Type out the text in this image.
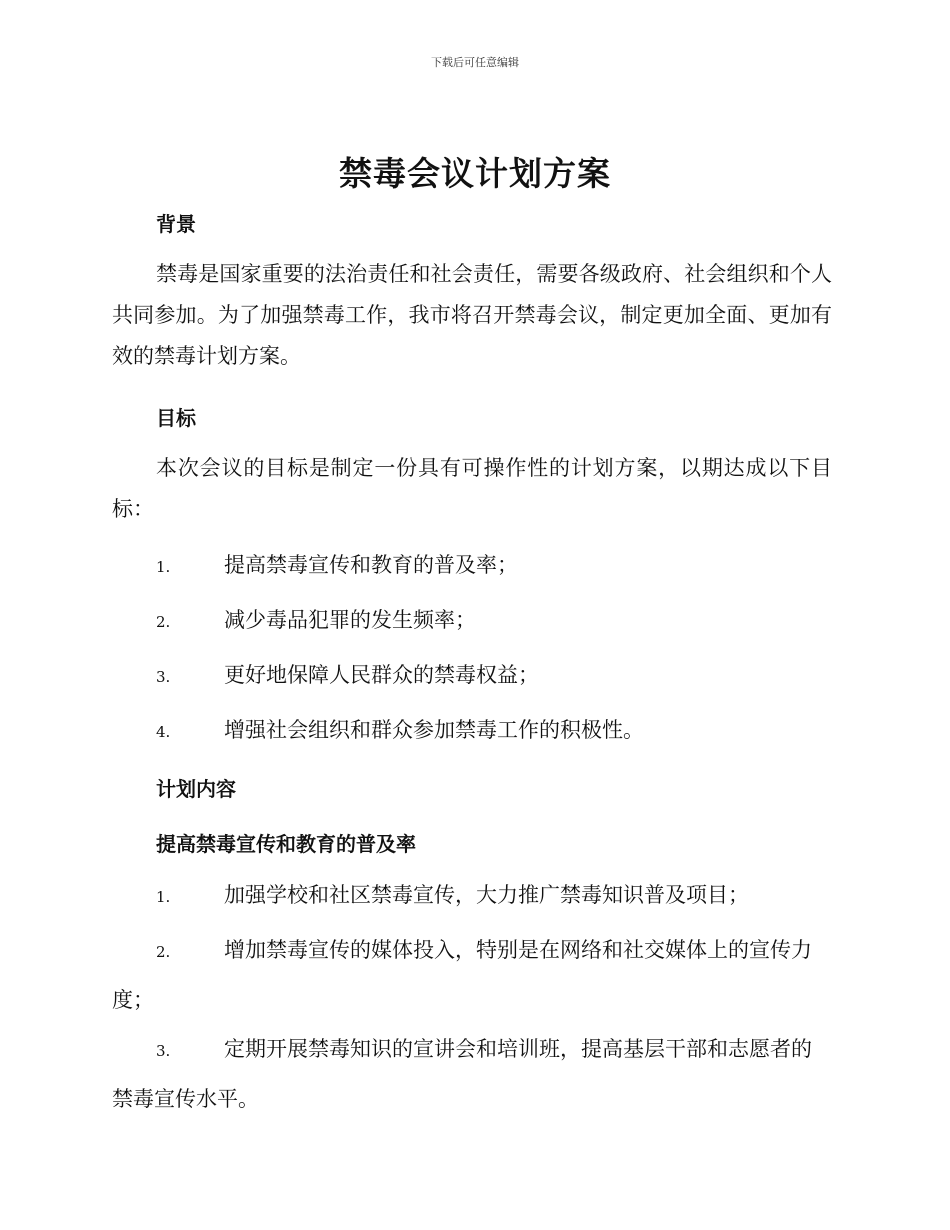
下载后可任意编辑
禁毒会议计划方案
背景
禁毒是国家重要的法治责任和社会责任，需要各级政府、社会组织和个人共同参加。为了加强禁毒工作，我市将召开禁毒会议，制定更加全面、更加有效的禁毒计划方案。
目标
本次会议的目标是制定一份具有可操作性的计划方案，以期达成以下目标：
1.	提高禁毒宣传和教育的普及率；
2.	减少毒品犯罪的发生频率；
3.	更好地保障人民群众的禁毒权益；
4.	增强社会组织和群众参加禁毒工作的积极性。
计划内容
提高禁毒宣传和教育的普及率
1.	加强学校和社区禁毒宣传，大力推广禁毒知识普及项目；
2.	增加禁毒宣传的媒体投入，特别是在网络和社交媒体上的宣传力度；
3.	定期开展禁毒知识的宣讲会和培训班，提高基层干部和志愿者的禁毒宣传水平。
